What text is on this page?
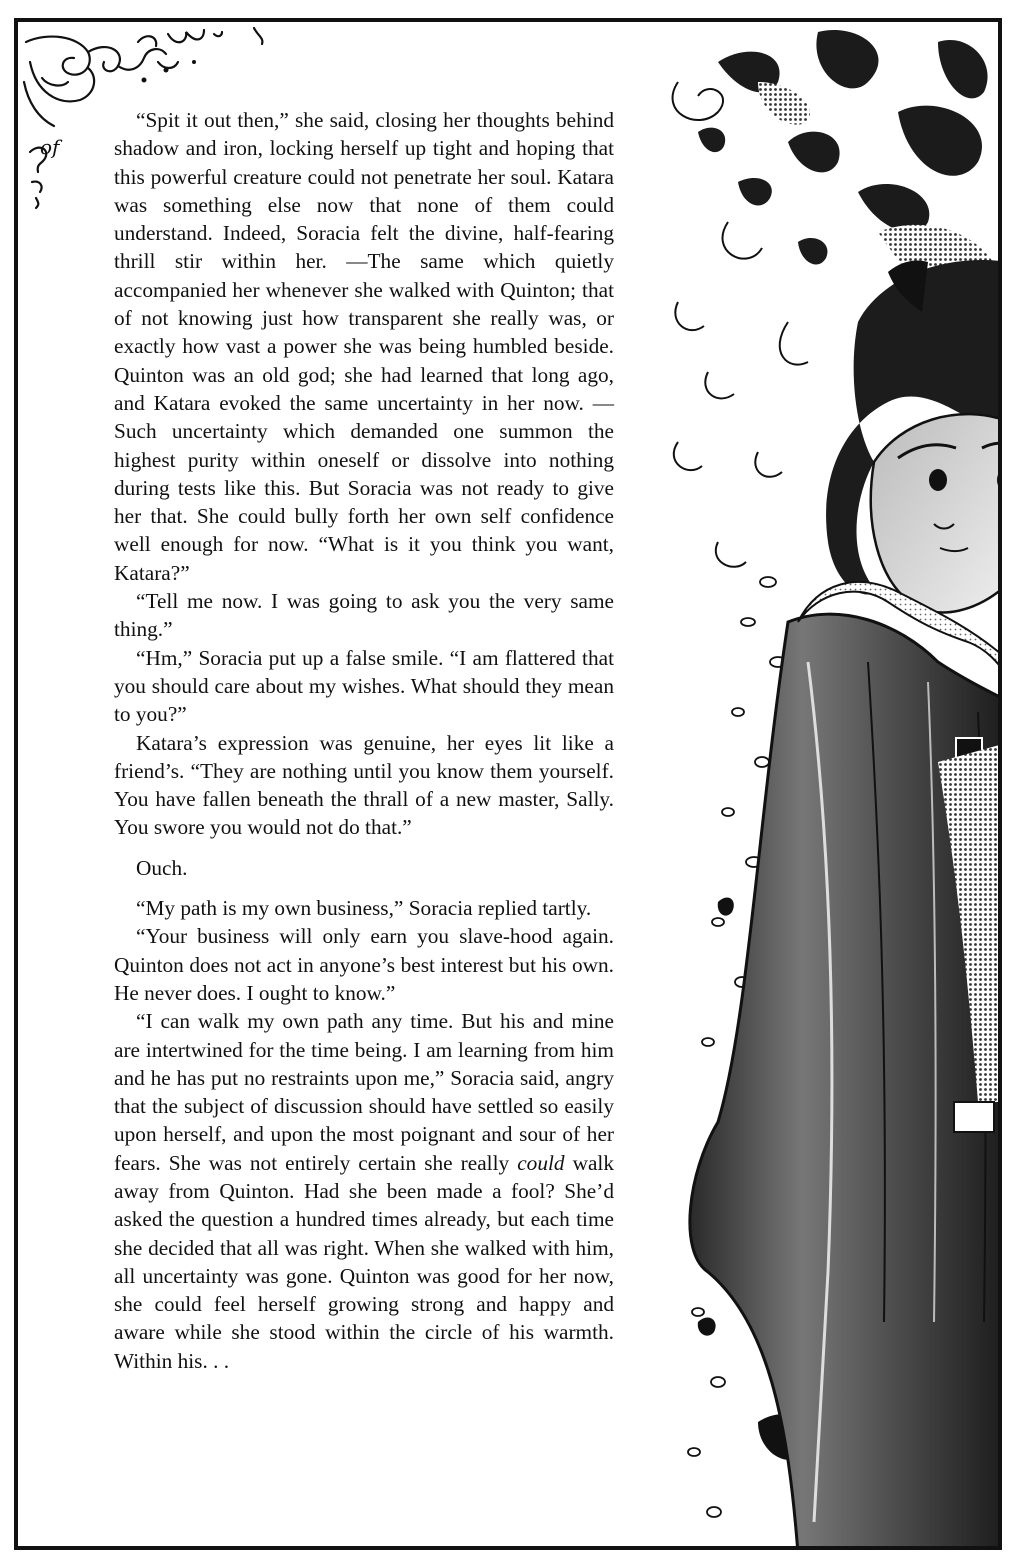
of

“Spit it out then,” she said, closing her thoughts behind shadow and iron, locking herself up tight and hoping that this powerful creature could not penetrate her soul. Katara was something else now that none of them could understand. Indeed, Soracia felt the divine, half-fearing thrill stir within her. —The same which quietly accompanied her whenever she walked with Quinton; that of not knowing just how transparent she really was, or exactly how vast a power she was being humbled beside. Quinton was an old god; she had learned that long ago, and Katara evoked the same uncertainty in her now. —Such uncertainty which demanded one summon the highest purity within oneself or dissolve into nothing during tests like this. But Soracia was not ready to give her that. She could bully forth her own self confidence well enough for now. “What is it you think you want, Katara?”

“Tell me now. I was going to ask you the very same thing.”

“Hm,” Soracia put up a false smile. “I am flattered that you should care about my wishes. What should they mean to you?”

Katara’s expression was genuine, her eyes lit like a friend’s. “They are nothing until you know them yourself. You have fallen beneath the thrall of a new master, Sally. You swore you would not do that.”

Ouch.

“My path is my own business,” Soracia replied tartly.

“Your business will only earn you slave-hood again. Quinton does not act in anyone’s best interest but his own. He never does. I ought to know.”

“I can walk my own path any time. But his and mine are intertwined for the time being. I am learning from him and he has put no restraints upon me,” Soracia said, angry that the subject of discussion should have settled so easily upon herself, and upon the most poignant and sour of her fears. She was not entirely certain she really could walk away from Quinton. Had she been made a fool? She’d asked the question a hundred times already, but each time she decided that all was right. When she walked with him, all uncertainty was gone. Quinton was good for her now, she could feel herself growing strong and happy and aware while she stood within the circle of his warmth. Within his. . .
